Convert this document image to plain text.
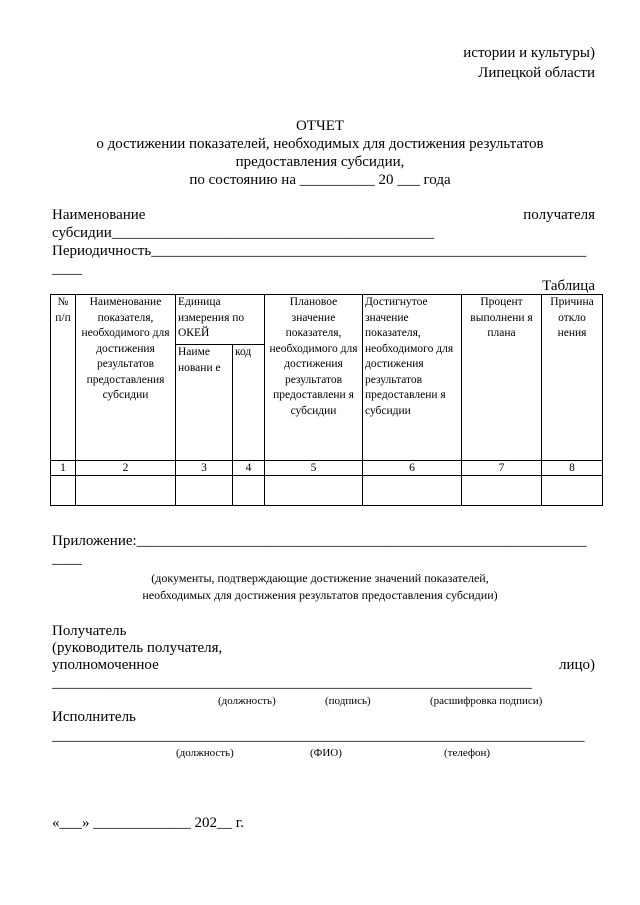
истории и культуры)
Липецкой области
ОТЧЕТ
о достижении показателей, необходимых для достижения результатов
предоставления субсидии,
по состоянию на __________ 20 ___ года
Наименование	получателя
субсидии___________________________________________
Периодичность__________________________________________________________
____
Таблица
№ п/п	Наименование показателя, необходимого для достижения результатов предоставления субсидии	Единица измерения по ОКЕЙ		Плановое значение показателя, необходимого для достижения результатов предоставлени я субсидии	Достигнутое значение показателя, необходимого для достижения результатов предоставлени я субсидии	Процент выполнени я плана	Причина отклo нения
		Наиме новани е	код				
1	2	3	4	5	6	7	8

Приложение:____________________________________________________________
____
(документы, подтверждающие достижение значений показателей,
необходимых для достижения результатов предоставления субсидии)
Получатель
(руководитель получателя,
уполномоченное	лицо)
________________________________________________________________
(должность)	(подпись)	(расшифровка подписи)
Исполнитель
_______________________________________________________________________
(должность)	(ФИО)	(телефон)
«___» _____________ 202__ г.
